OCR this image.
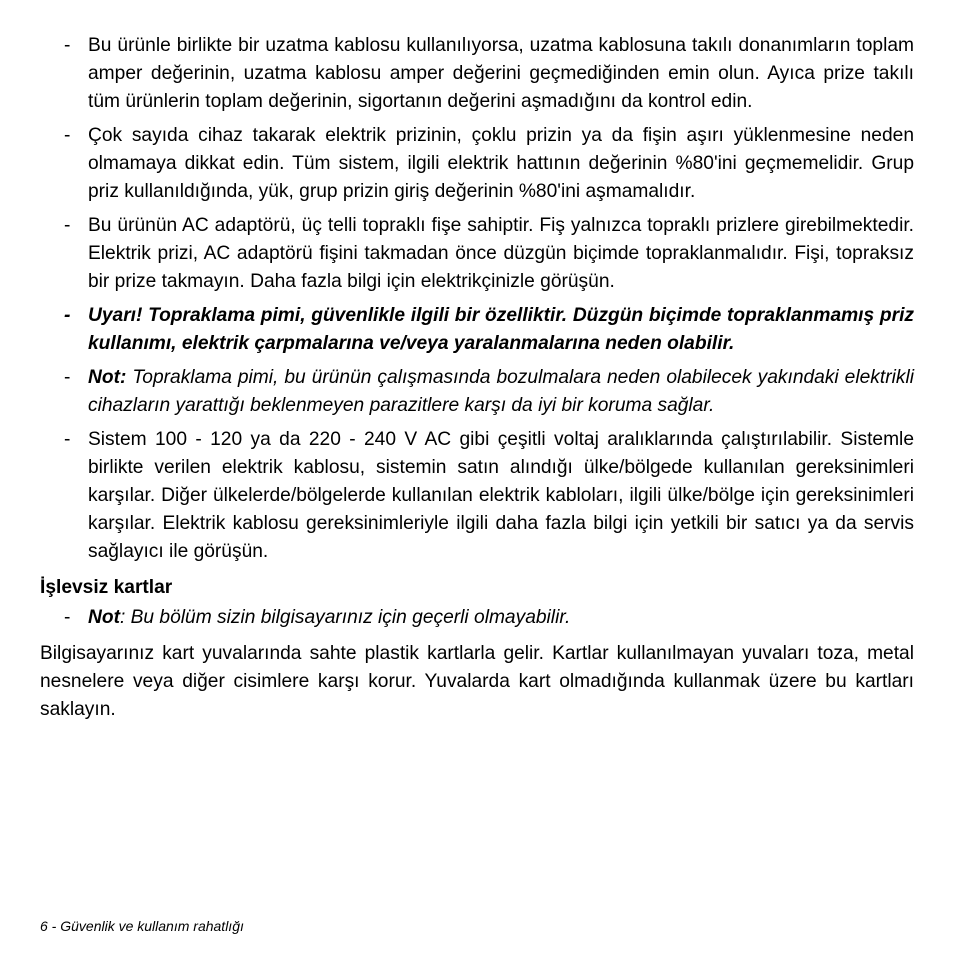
- Bu ürünle birlikte bir uzatma kablosu kullanılıyorsa, uzatma kablosuna takılı donanımların toplam amper değerinin, uzatma kablosu amper değerini geçmediğinden emin olun. Ayıca prize takılı tüm ürünlerin toplam değerinin, sigortanın değerini aşmadığını da kontrol edin.
- Çok sayıda cihaz takarak elektrik prizinin, çoklu prizin ya da fişin aşırı yüklenmesine neden olmamaya dikkat edin. Tüm sistem, ilgili elektrik hattının değerinin %80'ini geçmemelidir. Grup priz kullanıldığında, yük, grup prizin giriş değerinin %80'ini aşmamalıdır.
- Bu ürünün AC adaptörü, üç telli topraklı fişe sahiptir. Fiş yalnızca topraklı prizlere girebilmektedir. Elektrik prizi, AC adaptörü fişini takmadan önce düzgün biçimde topraklanmalıdır. Fişi, topraksız bir prize takmayın. Daha fazla bilgi için elektrikçinizle görüşün.
- Uyarı! Topraklama pimi, güvenlikle ilgili bir özelliktir. Düzgün biçimde topraklanmamış priz kullanımı, elektrik çarpmalarına ve/veya yaralanmalarına neden olabilir.
- Not: Topraklama pimi, bu ürünün çalışmasında bozulmalara neden olabilecek yakındaki elektrikli cihazların yarattığı beklenmeyen parazitlere karşı da iyi bir koruma sağlar.
- Sistem 100 - 120 ya da 220 - 240 V AC gibi çeşitli voltaj aralıklarında çalıştırılabilir. Sistemle birlikte verilen elektrik kablosu, sistemin satın alındığı ülke/bölgede kullanılan gereksinimleri karşılar. Diğer ülkelerde/bölgelerde kullanılan elektrik kabloları, ilgili ülke/bölge için gereksinimleri karşılar. Elektrik kablosu gereksinimleriyle ilgili daha fazla bilgi için yetkili bir satıcı ya da servis sağlayıcı ile görüşün.
İşlevsiz kartlar
- Not: Bu bölüm sizin bilgisayarınız için geçerli olmayabilir.

Bilgisayarınız kart yuvalarında sahte plastik kartlarla gelir. Kartlar kullanılmayan yuvaları toza, metal nesnelere veya diğer cisimlere karşı korur. Yuvalarda kart olmadığında kullanmak üzere bu kartları saklayın.

6 - Güvenlik ve kullanım rahatlığı
